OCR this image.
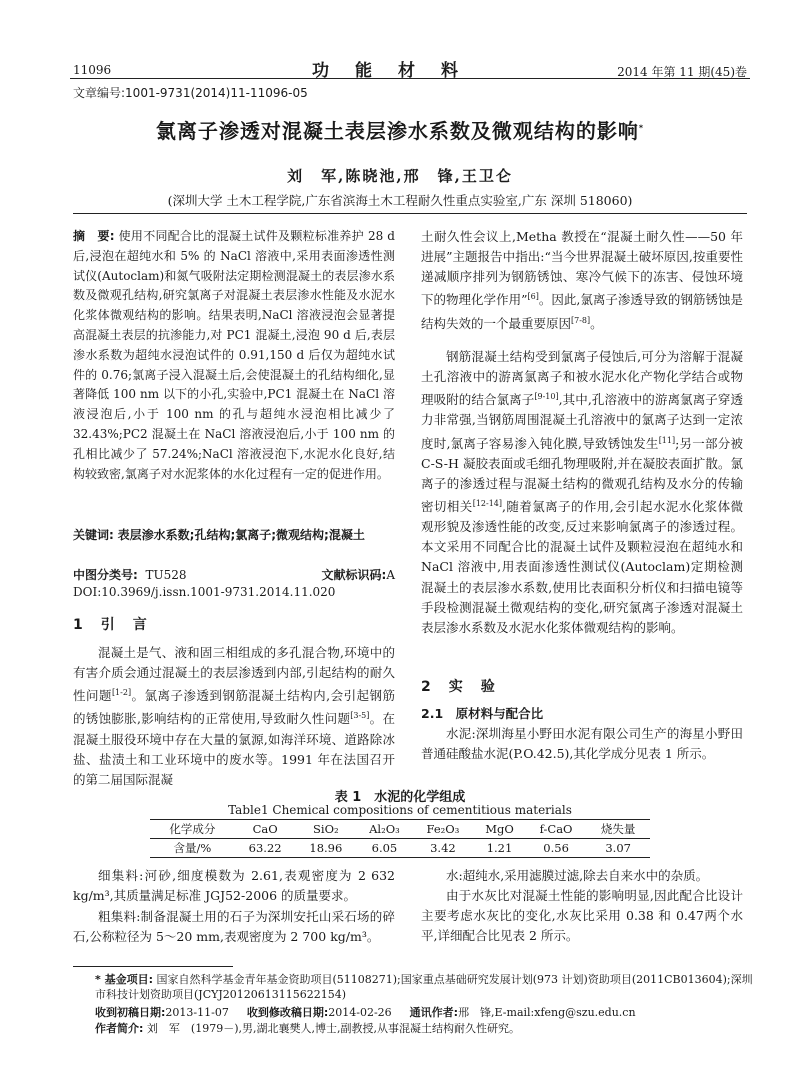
11096	功能材料	2014 年第 11 期(45)卷
文章编号:1001-9731(2014)11-11096-05
氯离子渗透对混凝土表层渗水系数及微观结构的影响*
刘　军,陈晓池,邢　锋,王卫仑
(深圳大学 土木工程学院,广东省滨海土木工程耐久性重点实验室,广东 深圳 518060)
摘　要: 使用不同配合比的混凝土试件及颗粒标准养护 28 d 后,浸泡在超纯水和 5% 的 NaCl 溶液中,采用表面渗透性测试仪(Autoclam)和氮气吸附法定期检测混凝土的表层渗水系数及微观孔结构,研究氯离子对混凝土表层渗水性能及水泥水化浆体微观结构的影响。结果表明,NaCl 溶液浸泡会显著提高混凝土表层的抗渗能力,对 PC1 混凝土,浸泡 90 d 后,表层渗水系数为超纯水浸泡试件的 0.91,150 d 后仅为超纯水试件的 0.76;氯离子浸入混凝土后,会使混凝土的孔结构细化,显著降低 100 nm 以下的小孔,实验中,PC1 混凝土在 NaCl 溶液浸泡后,小于 100 nm 的孔与超纯水浸泡相比减少了 32.43%;PC2 混凝土在 NaCl 溶液浸泡后,小于 100 nm 的孔相比减少了 57.24%;NaCl 溶液浸泡下,水泥水化良好,结构较致密,氯离子对水泥浆体的水化过程有一定的促进作用。
关键词: 表层渗水系数;孔结构;氯离子;微观结构;混凝土
中图分类号: TU528	文献标识码:A
DOI:10.3969/j.issn.1001-9731.2014.11.020
1　引　言
混凝土是气、液和固三相组成的多孔混合物,环境中的有害介质会通过混凝土的表层渗透到内部,引起结构的耐久性问题[1-2]。氯离子渗透到钢筋混凝土结构内,会引起钢筋的锈蚀膨胀,影响结构的正常使用,导致耐久性问题[3-5]。在混凝土服役环境中存在大量的氯源,如海洋环境、道路除冰盐、盐渍土和工业环境中的废水等。1991 年在法国召开的第二届国际混凝
土耐久性会议上,Metha 教授在“混凝土耐久性——50 年进展”主题报告中指出:“当今世界混凝土破坏原因,按重要性递减顺序排列为钢筋锈蚀、寒冷气候下的冻害、侵蚀环境下的物理化学作用”[6]。因此,氯离子渗透导致的钢筋锈蚀是结构失效的一个最重要原因[7-8]。
钢筋混凝土结构受到氯离子侵蚀后,可分为溶解于混凝土孔溶液中的游离氯离子和被水泥水化产物化学结合或物理吸附的结合氯离子[9-10],其中,孔溶液中的游离氯离子穿透力非常强,当钢筋周围混凝土孔溶液中的氯离子达到一定浓度时,氯离子容易渗入钝化膜,导致锈蚀发生[11];另一部分被 C-S-H 凝胶表面或毛细孔物理吸附,并在凝胶表面扩散。氯离子的渗透过程与混凝土结构的微观孔结构及水分的传输密切相关[12-14],随着氯离子的作用,会引起水泥水化浆体微观形貌及渗透性能的改变,反过来影响氯离子的渗透过程。本文采用不同配合比的混凝土试件及颗粒浸泡在超纯水和 NaCl 溶液中,用表面渗透性测试仪(Autoclam)定期检测混凝土的表层渗水系数,使用比表面积分析仪和扫描电镜等手段检测混凝土微观结构的变化,研究氯离子渗透对混凝土表层渗水系数及水泥水化浆体微观结构的影响。
2　实　验
2.1　原材料与配合比
水泥:深圳海星小野田水泥有限公司生产的海星小野田普通硅酸盐水泥(P.O.42.5),其化学成分见表 1 所示。
表 1　水泥的化学组成
Table1 Chemical compositions of cementitious materials
化学成分	CaO	SiO₂	Al₂O₃	Fe₂O₃	MgO	f-CaO	烧失量
含量/%	63.22	18.96	6.05	3.42	1.21	0.56	3.07
细集料:河砂,细度模数为 2.61,表观密度为 2 632 kg/m³,其质量满足标准 JGJ52-2006 的质量要求。
粗集料:制备混凝土用的石子为深圳安托山采石场的碎石,公称粒径为 5～20 mm,表观密度为 2 700 kg/m³。
水:超纯水,采用滤膜过滤,除去自来水中的杂质。
由于水灰比对混凝土性能的影响明显,因此配合比设计主要考虑水灰比的变化,水灰比采用 0.38 和 0.47两个水平,详细配合比见表 2 所示。
* 基金项目: 国家自然科学基金青年基金资助项目(51108271);国家重点基础研究发展计划(973 计划)资助项目(2011CB013604);深圳市科技计划资助项目(JCYJ20120613115622154)
收到初稿日期:2013-11-07 收到修改稿日期:2014-02-26 通讯作者:邢　锋,E-mail:xfeng@szu.edu.cn
作者简介: 刘　军　(1979－),男,湖北襄樊人,博士,副教授,从事混凝土结构耐久性研究。
